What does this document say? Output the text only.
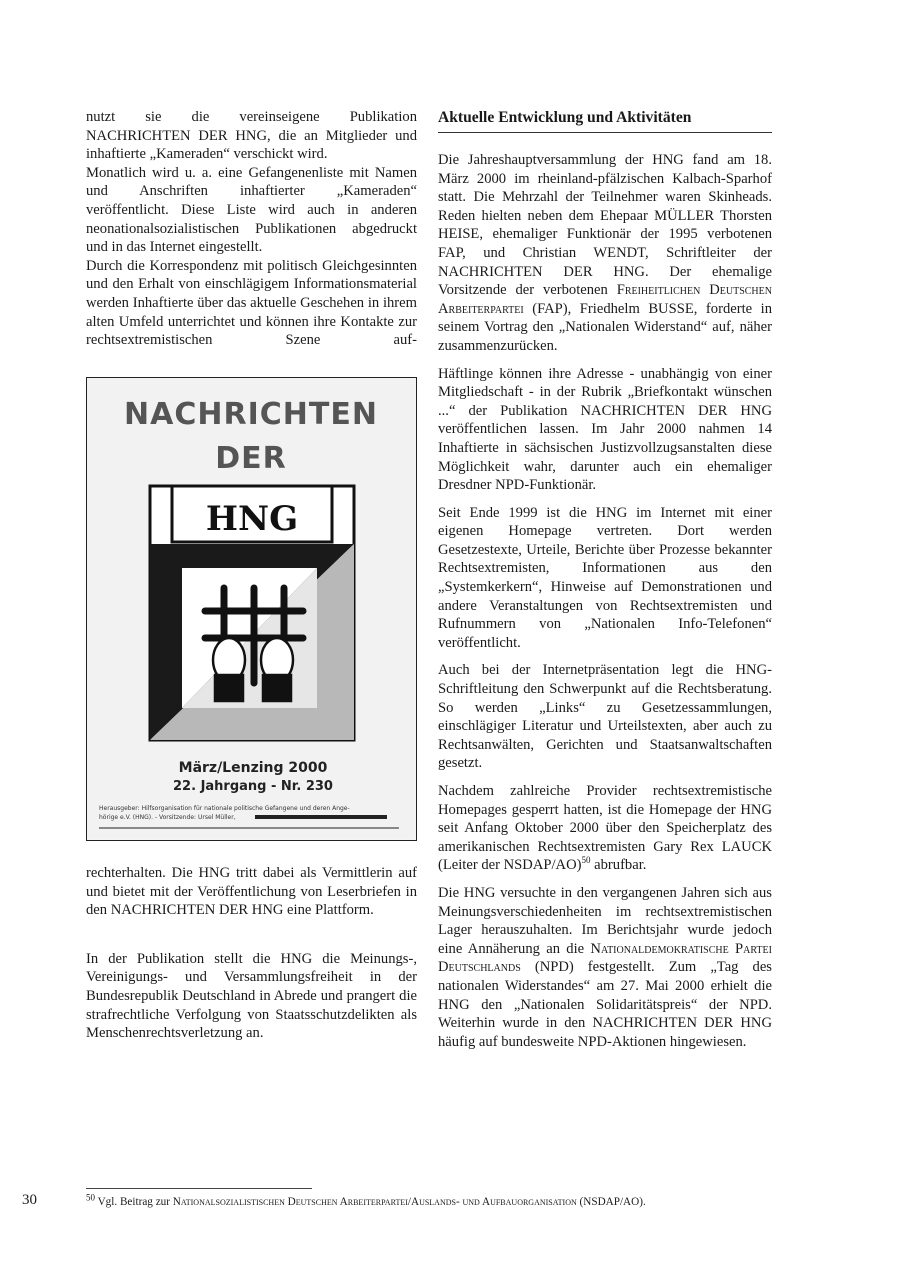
nutzt sie die vereinseigene Publikation NACHRICHTEN DER HNG, die an Mitglieder und inhaftierte „Kameraden“ verschickt wird.

Monatlich wird u. a. eine Gefangenenliste mit Namen und Anschriften inhaftierter „Kameraden“ veröffentlicht. Diese Liste wird auch in anderen neonationalsozialistischen Publikationen abgedruckt und in das Internet eingestellt.

Durch die Korrespondenz mit politisch Gleichgesinnten und den Erhalt von einschlägigem Informationsmaterial werden Inhaftierte über das aktuelle Geschehen in ihrem alten Umfeld unterrichtet und können ihre Kontakte zur rechtsextremistischen Szene auf-

NACHRICHTEN
DER
HNG
März/Lenzing 2000
22. Jahrgang - Nr. 230
Herausgeber: Hilfsorganisation für nationale politische Gefangene und deren Ange-
hörige e.V. (HNG). - Vorsitzende: Ursel Müller,

rechterhalten. Die HNG tritt dabei als Vermittlerin auf und bietet mit der Veröffentlichung von Leserbriefen in den NACHRICHTEN DER HNG eine Plattform.

In der Publikation stellt die HNG die Meinungs-, Vereinigungs- und Versammlungsfreiheit in der Bundesrepublik Deutschland in Abrede und prangert die strafrechtliche Verfolgung von Staatsschutzdelikten als Menschenrechtsverletzung an.

Aktuelle Entwicklung und Aktivitäten

Die Jahreshauptversammlung der HNG fand am 18. März 2000 im rheinland-pfälzischen Kalbach-Sparhof statt. Die Mehrzahl der Teilnehmer waren Skinheads. Reden hielten neben dem Ehepaar MÜLLER Thorsten HEISE, ehemaliger Funktionär der 1995 verbotenen FAP, und Christian WENDT, Schriftleiter der NACHRICHTEN DER HNG. Der ehemalige Vorsitzende der verbotenen Freiheitlichen Deutschen Arbeiterpartei (FAP), Friedhelm BUSSE, forderte in seinem Vortrag den „Nationalen Widerstand“ auf, näher zusammenzurücken.

Häftlinge können ihre Adresse - unabhängig von einer Mitgliedschaft - in der Rubrik „Briefkontakt wünschen ...“ der Publikation NACHRICHTEN DER HNG veröffentlichen lassen. Im Jahr 2000 nahmen 14 Inhaftierte in sächsischen Justizvollzugsanstalten diese Möglichkeit wahr, darunter auch ein ehemaliger Dresdner NPD-Funktionär.

Seit Ende 1999 ist die HNG im Internet mit einer eigenen Homepage vertreten. Dort werden Gesetzestexte, Urteile, Berichte über Prozesse bekannter Rechtsextremisten, Informationen aus den „Systemkerkern“, Hinweise auf Demonstrationen und andere Veranstaltungen von Rechtsextremisten und Rufnummern von „Nationalen Info-Telefonen“ veröffentlicht.

Auch bei der Internetpräsentation legt die HNG-Schriftleitung den Schwerpunkt auf die Rechtsberatung. So werden „Links“ zu Gesetzessammlungen, einschlägiger Literatur und Urteilstexten, aber auch zu Rechtsanwälten, Gerichten und Staatsanwaltschaften gesetzt.

Nachdem zahlreiche Provider rechtsextremistische Homepages gesperrt hatten, ist die Homepage der HNG seit Anfang Oktober 2000 über den Speicherplatz des amerikanischen Rechtsextremisten Gary Rex LAUCK (Leiter der NSDAP/AO)$^{50}$ abrufbar.

Die HNG versuchte in den vergangenen Jahren sich aus Meinungsverschiedenheiten im rechtsextremistischen Lager herauszuhalten. Im Berichtsjahr wurde jedoch eine Annäherung an die Nationaldemokratische Partei Deutschlands (NPD) festgestellt. Zum „Tag des nationalen Widerstandes“ am 27. Mai 2000 erhielt die HNG den „Nationalen Solidaritätspreis“ der NPD. Weiterhin wurde in den NACHRICHTEN DER HNG häufig auf bundesweite NPD-Aktionen hingewiesen.

30	$^{50}$ Vgl. Beitrag zur Nationalsozialistischen Deutschen Arbeiterpartei/Auslands- und Aufbauorganisation (NSDAP/AO).
